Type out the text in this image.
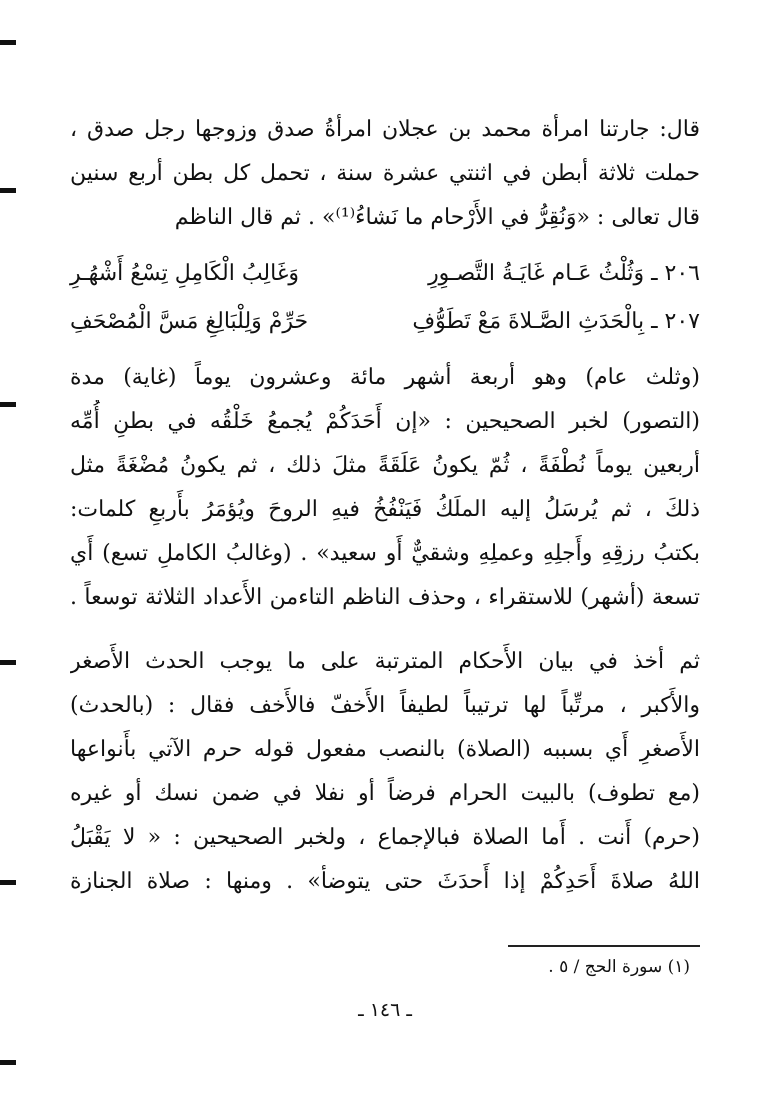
قال: جارتنا امرأة محمد بن عجلان امرأةُ صدق وزوجها رجل صدق ،
حملت ثلاثة أبطن في اثنتي عشرة سنة ، تحمل كل بطن أربع سنين
قال تعالى : «وَنُقِرُّ في الأَرْحام ما نَشاءُ⁽¹⁾» . ثم قال الناظم
٢٠٦ ـ وَثُلْثُ عَـام غَايَـةُ التَّصـوِرِ
وَغَالِبُ الْكَامِلِ تِسْعُ أَشْهُـرِ
٢٠٧ ـ بِالْحَدَثِ الصَّـلاةَ مَعْ تَطَوُّفِ
حَرِّمْ وَلِلْبَالِغِ مَسَّ الْمُصْحَفِ
(وثلث عام) وهو أربعة أشهر مائة وعشرون يوماً (غاية) مدة
(التصور) لخبر الصحيحين : «إن أَحَدَكُمْ يُجمعُ خَلْقُه في بطنِ أُمِّه
أربعين يوماً نُطْفَةً ، ثُمّ يكونُ عَلَقَةً مثلَ ذلك ، ثم يكونُ مُضْغَةً مثل
ذلكَ ، ثم يُرسَلُ إليه الملَكُ فَيَنْفُخُ فيهِ الروحَ ويُؤمَرُ بأَربعِ كلمات:
بكتبُ رزقِهِ وأَجلِهِ وعملِهِ وشقيٌّ أَو سعيد» . (وغالبُ الكاملِ تسع) أَي
تسعة (أشهر) للاستقراء ، وحذف الناظم التاءمن الأَعداد الثلاثة توسعاً .
ثم أخذ في بيان الأَحكام المترتبة على ما يوجب الحدث الأَصغر
والأَكبر ، مرتِّباً لها ترتيباً لطيفاً الأَخفّ فالأَخف فقال : (بالحدث)
الأَصغرِ أَي بسببه (الصلاة) بالنصب مفعول قوله حرم الآتي بأَنواعها
(مع تطوف) بالبيت الحرام فرضاً أو نفلا في ضمن نسك أو غيره
(حرم) أَنت . أَما الصلاة فبالإجماع ، ولخبر الصحيحين : « لا يَقْبَلُ
اللهُ صلاةَ أَحَدِكُمْ إذا أَحدَثَ حتى يتوضأ» . ومنها : صلاة الجنازة
(١) سورة الحج / ٥ .
ـ ١٤٦ ـ
